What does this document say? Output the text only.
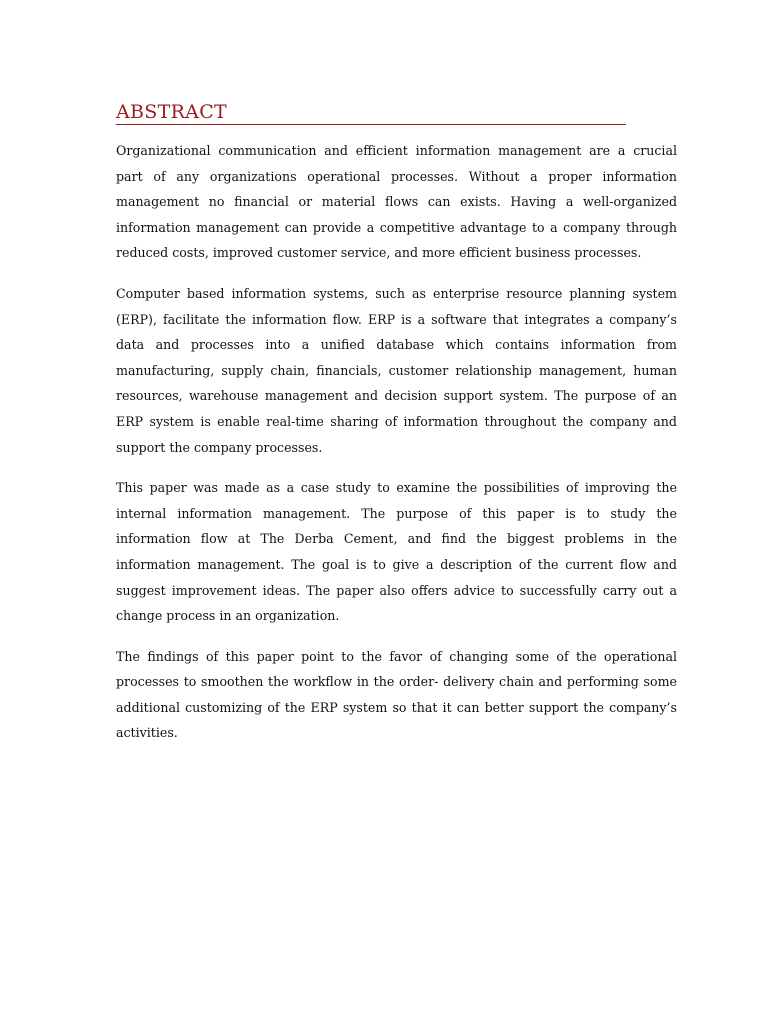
ABSTRACT

Organizational communication and efficient information management are a crucial part of any organizations operational processes. Without a proper information management no financial or material flows can exists. Having a well-organized information management can provide a competitive advantage to a company through reduced costs, improved customer service, and more efficient business processes.

Computer based information systems, such as enterprise resource planning system (ERP), facilitate the information flow. ERP is a software that integrates a company’s data and processes into a unified database which contains information from manufacturing, supply chain, financials, customer relationship management, human resources, warehouse management and decision support system. The purpose of an ERP system is enable real-time sharing of information throughout the company and support the company processes.

This paper was made as a case study to examine the possibilities of improving the internal information management. The purpose of this paper is to study the information flow at The Derba Cement, and find the biggest problems in the information management. The goal is to give a description of the current flow and suggest improvement ideas. The paper also offers advice to successfully carry out a change process in an organization.

The findings of this paper point to the favor of changing some of the operational processes to smoothen the workflow in the order- delivery chain and performing some additional customizing of the ERP system so that it can better support the company’s activities.
